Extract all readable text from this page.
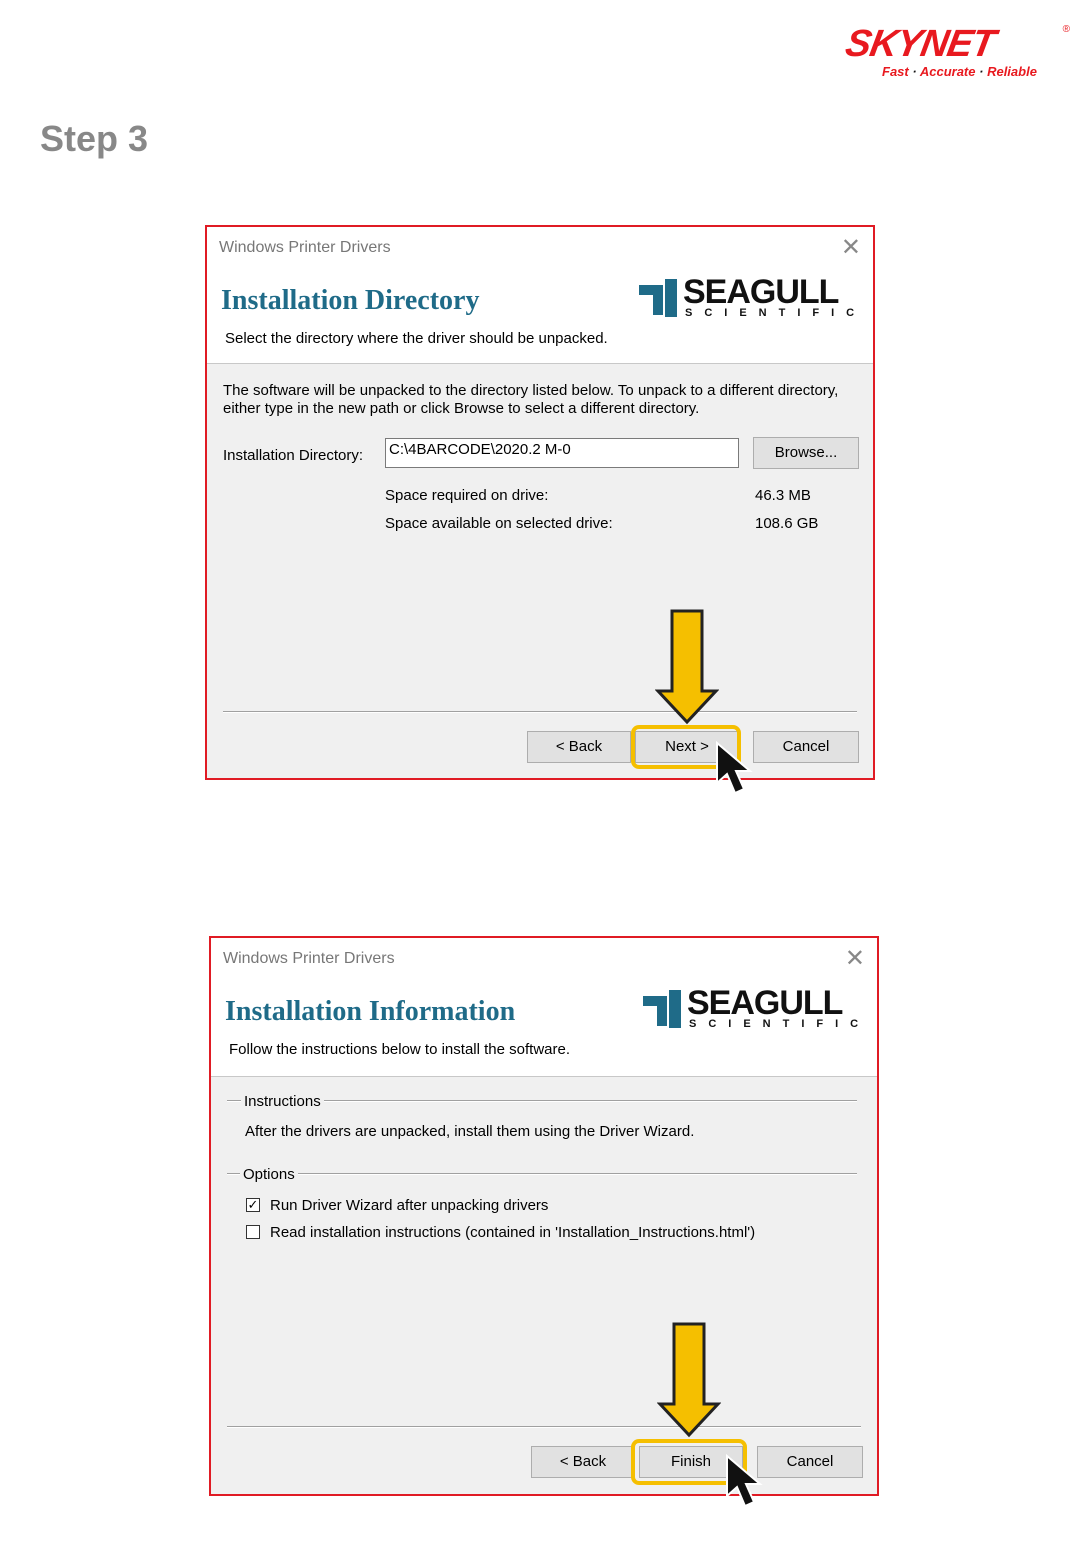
SKYNET	®
Fast · Accurate · Reliable
Step 3
Windows Printer Drivers	✕
Installation Directory
Select the directory where the driver should be unpacked.
SEAGULL
SCIENTIFIC
The software will be unpacked to the directory listed below. To unpack to a different directory,
either type in the new path or click Browse to select a different directory.
Installation Directory: C:\4BARCODE\2020.2 M-0	Browse...
Space required on drive:	46.3 MB
Space available on selected drive:	108.6 GB
< Back	Next >	Cancel
Windows Printer Drivers	✕
Installation Information
Follow the instructions below to install the software.
SEAGULL
SCIENTIFIC
Instructions
After the drivers are unpacked, install them using the Driver Wizard.
Options
✓ Run Driver Wizard after unpacking drivers
Read installation instructions (contained in 'Installation_Instructions.html')
< Back	Finish	Cancel
